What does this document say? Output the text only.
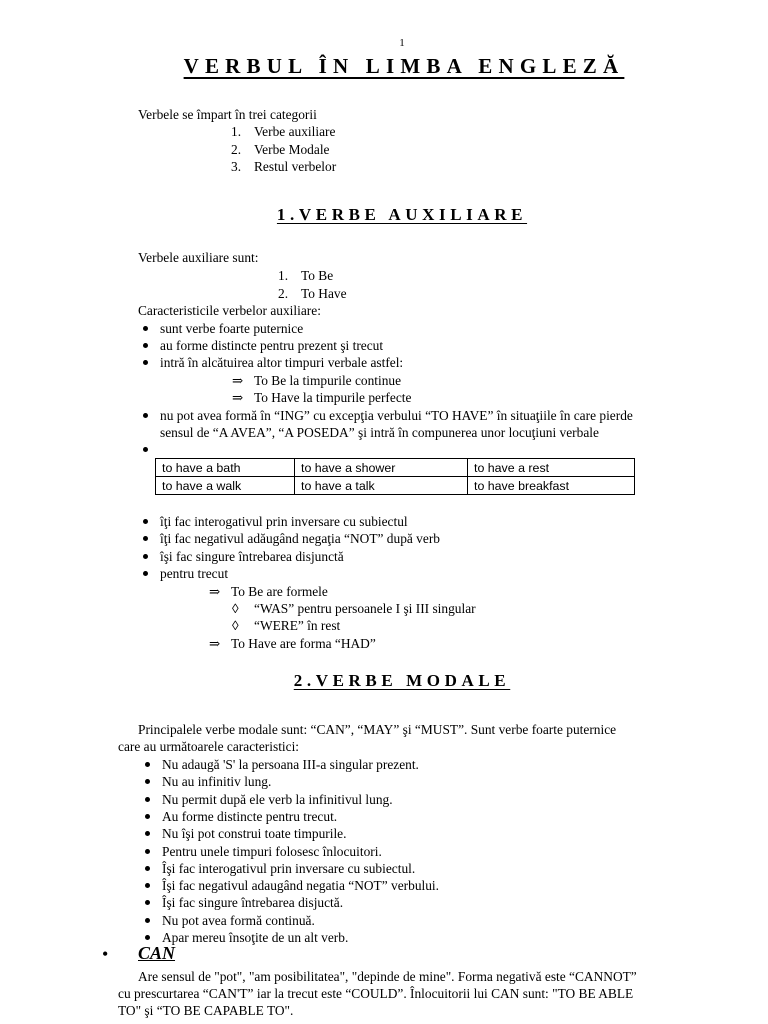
1
VERBUL ÎN LIMBA ENGLEZĂ
Verbele se împart în trei categorii
1. Verbe auxiliare
2. Verbe Modale
3. Restul verbelor
1.VERBE AUXILIARE
Verbele auxiliare sunt:
1. To Be
2. To Have
Caracteristicile verbelor auxiliare:
sunt verbe foarte puternice
au forme distincte pentru prezent şi trecut
intră în alcătuirea altor timpuri verbale astfel:
⇒ To Be la timpurile continue
⇒ To Have la timpurile perfecte
nu pot avea formă în “ING” cu excepţia verbului “TO HAVE” în situaţiile în care pierde
sensul de “A AVEA”, “A POSEDA” şi intră în compunerea unor locuţiuni verbale
to have a bath	to have a shower	to have a rest
to have a walk	to have a talk	to have breakfast
îţi fac interogativul prin inversare cu subiectul
îţi fac negativul adăugând negaţia “NOT” după verb
îşi fac singure întrebarea disjunctă
pentru trecut
⇒ To Be are formele
◊ “WAS” pentru persoanele I şi III singular
◊ “WERE” în rest
⇒ To Have are forma “HAD”
2.VERBE MODALE
Principalele verbe modale sunt: “CAN”, “MAY” şi “MUST”. Sunt verbe foarte puternice
care au următoarele caracteristici:
Nu adaugă 'S' la persoana III-a singular prezent.
Nu au infinitiv lung.
Nu permit după ele verb la infinitivul lung.
Au forme distincte pentru trecut.
Nu îşi pot construi toate timpurile.
Pentru unele timpuri folosesc înlocuitori.
Îşi fac interogativul prin inversare cu subiectul.
Îşi fac negativul adaugând negatia “NOT” verbului.
Îşi fac singure întrebarea disjuctă.
Nu pot avea formă continuă.
Apar mereu însoţite de un alt verb.
• CAN
Are sensul de "pot", "am posibilitatea", "depinde de mine". Forma negativă este “CANNOT”
cu prescurtarea “CAN'T” iar la trecut este “COULD”. Înlocuitorii lui CAN sunt: "TO BE ABLE
TO" şi “TO BE CAPABLE TO".
